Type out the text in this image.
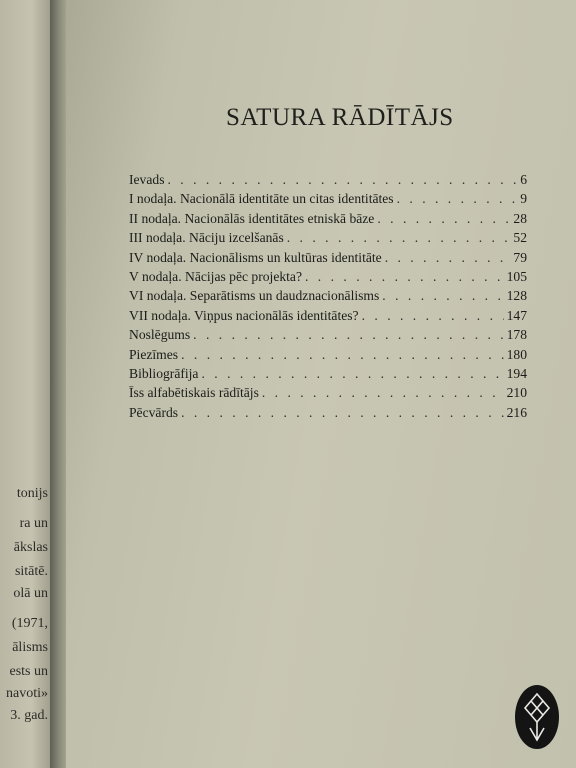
tonijs
ra un
ākslas
sitātē.
olā un
(1971,
ālisms
ests un
navoti»
3. gad.
SATURA RĀDĪTĀJS
Ievads . . .	6
I nodaļa. Nacionālā identitāte un citas identitātes . . .	9
II nodaļa. Nacionālās identitātes etniskā bāze . . .	28
III nodaļa. Nāciju izcelšanās . . .	52
IV nodaļa. Nacionālisms un kultūras identitāte . . .	79
V nodaļa. Nācijas pēc projekta? . . .	105
VI nodaļa. Separātisms un daudznacionālisms . . .	128
VII nodaļa. Viņpus nacionālās identitātes? . . .	147
Noslēgums . . .	178
Piezīmes . . .	180
Bibliogrāfija . . .	194
Īss alfabētiskais rādītājs . . .	210
Pēcvārds . . .	216
